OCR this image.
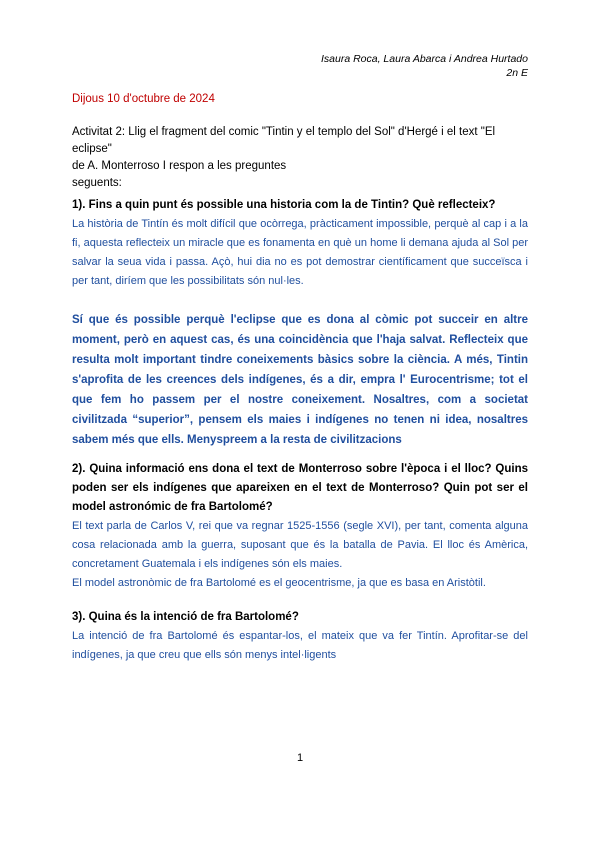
Isaura Roca, Laura Abarca i Andrea Hurtado
2n E
Dijous 10 d'octubre de 2024

Activitat 2: Llig el fragment del comic "Tintin y el templo del Sol" d'Hergé i el text "El eclipse"

de A. Monterroso I respon a les preguntes

seguents:

1). Fins a quin punt és possible una historia com la de Tintin? Què reflecteix?

La història de Tintín és molt difícil que ocòrrega, pràcticament impossible, perquè al cap i a la fi, aquesta reflecteix un miracle que es fonamenta en què un home li demana ajuda al Sol per salvar la seua vida i passa. Açò, hui dia no es pot demostrar científicament que succeïsca i per tant, diríem que les possibilitats són nul·les.

Sí que és possible perquè l'eclipse que es dona al còmic pot succeir en altre moment, però en aquest cas, és una coincidència que l'haja salvat. Reflecteix que resulta molt important tindre coneixements bàsics sobre la ciència. A més, Tintin s'aprofita de les creences dels indígenes, és a dir, empra l' Eurocentrisme; tot el que fem ho passem per el nostre coneixement. Nosaltres, com a societat civilitzada “superior”, pensem els maies i indígenes no tenen ni idea, nosaltres sabem més que ells. Menyspreem a la resta de civilitzacions

2). Quina informació ens dona el text de Monterroso sobre l'època i el lloc? Quins poden ser els indígenes que apareixen en el text de Monterroso? Quin pot ser el model astronómic de fra Bartolomé?

El text parla de Carlos V, rei que va regnar 1525-1556 (segle XVI), per tant, comenta alguna cosa relacionada amb la guerra, suposant que és la batalla de Pavia. El lloc és Amèrica, concretament Guatemala i els indígenes són els maies.

El model astronòmic de fra Bartolomé es el geocentrisme, ja que es basa en Aristòtil.

3). Quina és la intenció de fra Bartolomé?

La intenció de fra Bartolomé és espantar-los, el mateix que va fer Tintín. Aprofitar-se del indígenes, ja que creu que ells són menys intel·ligents

1
